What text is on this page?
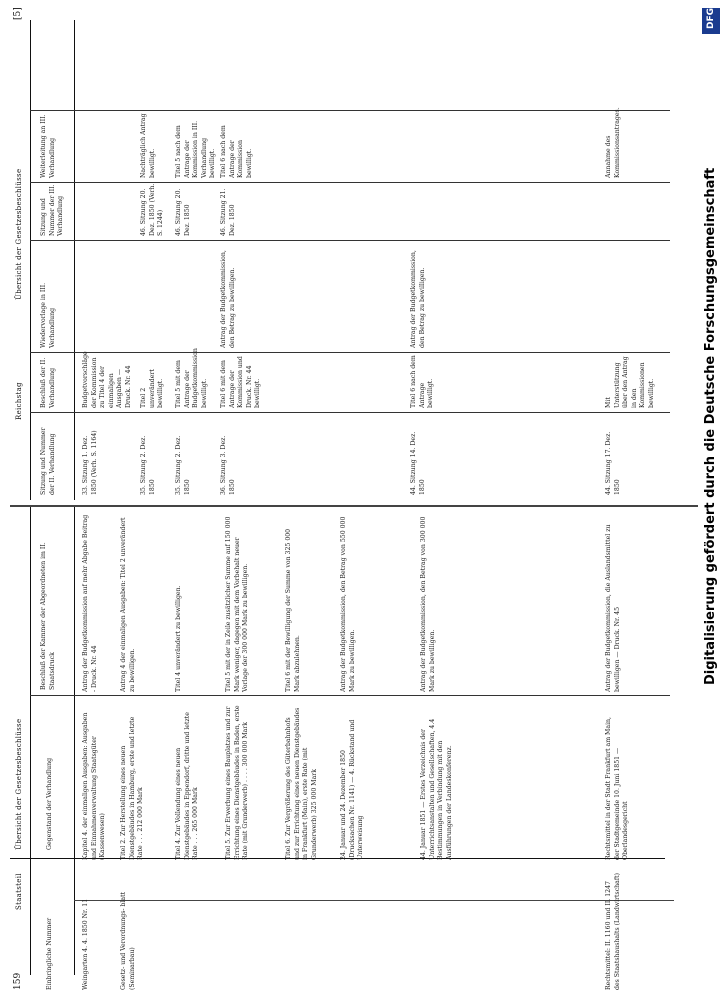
159
Staatsteil
Übersicht der Gesetzesbeschlüsse
Einbringliche Nummer
Gegenstand der Verhandlung
Beschluß der Kammer der Abgeordneten im II. Staatsdruck
Weingarten 4. 4. 1850 Nr. 11
Kapitel 4. der einmaligen Ausgaben: Ausgaben und Einnahmenverwaltung Staatsgüter (Kassenwesen)
Antrag der Budgetkommission auf mehr Abgabe Beitrag - Druck. Nr. 44
Gesetz- und Verordnungs- blatt (Seminarbau)
Titel 2. Zur Herstellung eines neuen Dienstgebäudes in Hamburg, erste und letzte Rate . . . 212 000 Mark
Antrag 4 der einmaligen Ausgaben: Titel 2 unverändert zu bewilligen.
Titel 4. Zur Vollendung eines neuen Dienstgebäudes in Eppendorf, dritte und letzte Rate . . . 265 000 Mark
Titel 4 unverändert zu bewilligen.
Titel 5. Zur Erwerbung eines Bauplatzes und zur Errichtung eines Dienstgebäudes in Baden, erste Rate (mit Grunderwerb) . . . . 300 000 Mark
Titel 5 mit der in Zeile zusätzlicher Summe auf 150 000 Mark weniger, dagegen mit dem Vorbehalt neuer Vorlage der 300 000 Mark zu bewilligen.
Titel 6. Zur Vergrößerung des Güterbahnhofs und zur Errichtung eines neuen Dienstgebäudes in Frankfurt (Main), erste Rate (mit Grunderwerb) 325 000 Mark
Titel 6 mit der Bewilligung der Summe von 325 000 Mark abzulehnen.
24. Januar und 24. Dezember 1850 (Drucksachen Nr. 1141) — 4. Rückstand und Unterweisung
Antrag der Budgetkommission, den Betrag von 550 000 Mark zu bewilligen.
44. Januar 1851 — Erstes Verzeichnis der Unterrichtsanstalten und Gesellschaften, 4.4 Bestimmungen in Verbindung mit den Ausführungen der Landeskonferenz.
Antrag der Budgetkommission, den Betrag von 300 000 Mark zu bewilligen.
Rechtsmittel: II. 1160 und II. 1247 des Staatshaushalts (Landwirtschaft)
Rechtsmittel in der Stadt Frankfurt am Main, der Stadtgemeinde 10. Juni 1851 — Oberlandesgericht
Antrag der Budgetkommission, die Auslandsmittel zu bewilligen — Druck. Nr. 45
[5]
Reichstag
Übersicht der Gesetzesbeschlüsse
Sitzung und Nummer der II. Verhandlung
Beschluß der II. Verhandlung
Wiedervorlage in III. Verhandlung
Sitzung und Nummer der III. Verhandlung
Weiterleitung an III. Verhandlung
33. Sitzung 1. Dez. 1850 (Verh. S. 1164)
Budgetvorschläge der Kommission zu Titel 4 der einmaligen Ausgaben — Druck. Nr. 44
35. Sitzung 2. Dez. 1850
Titel 2 unverändert bewilligt.
46. Sitzung 20. Dez. 1850 (Verh. S. 1244)
Nachträglich Antrag bewilligt.
35. Sitzung 2. Dez. 1850
Titel 5 mit dem Antrage der Budgetkommission bewilligt.
46. Sitzung 20. Dez. 1850
Titel 5 nach dem Antrage der Kommission in III. Verhandlung bewilligt.
36. Sitzung 3. Dez. 1850
Titel 6 mit dem Antrage der Kommission und Druck. Nr. 44 bewilligt.
Antrag der Budgetkommission, den Betrag zu bewilligen.
46. Sitzung 21. Dez. 1850
Titel 6 nach dem Antrage der Kommission bewilligt.
44. Sitzung 14. Dez. 1850
Titel 6 nach dem Antrage bewilligt.
Antrag der Budgetkommission, den Betrag zu bewilligen.
44. Sitzung 17. Dez. 1850
Mit Unterstützung über den Antrag in den Kommissionen bewilligt.
Annahme des Kommissionsantrages.
DFG
Digitalisierung gefördert durch die Deutsche Forschungsgemeinschaft
